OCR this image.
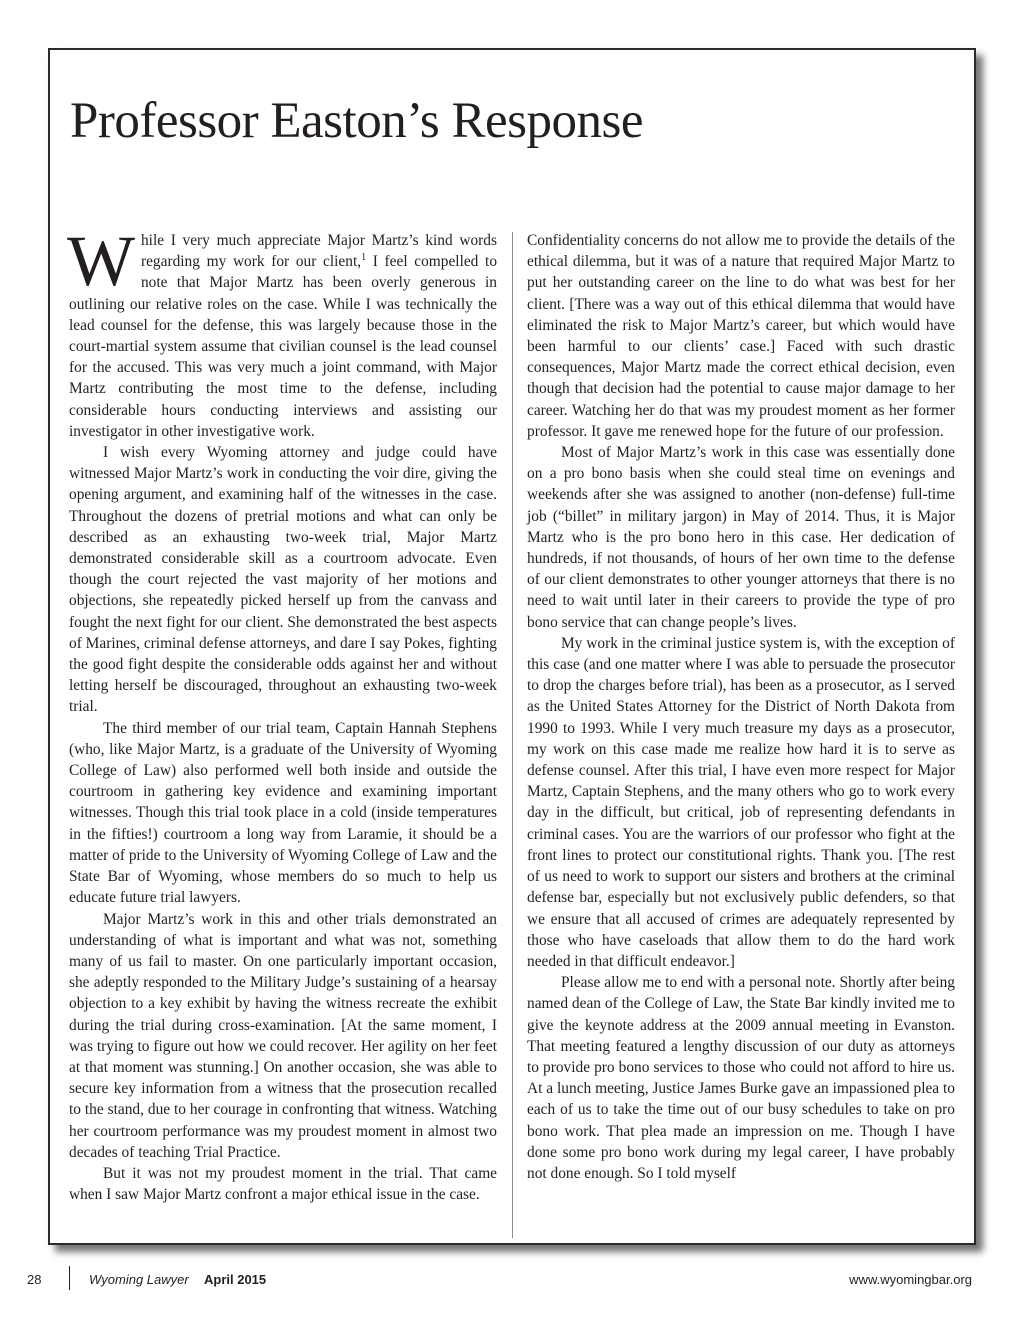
Professor Easton’s Response

While I very much appreciate Major Martz’s kind words regarding my work for our client,$^1$ I feel compelled to note that Major Martz has been overly generous in outlining our relative roles on the case. While I was technically the lead counsel for the defense, this was largely because those in the court-martial system assume that civilian counsel is the lead counsel for the accused. This was very much a joint command, with Major Martz contributing the most time to the defense, including considerable hours conducting interviews and assisting our investigator in other investigative work.

I wish every Wyoming attorney and judge could have witnessed Major Martz’s work in conducting the voir dire, giving the opening argument, and examining half of the witnesses in the case. Throughout the dozens of pretrial motions and what can only be described as an exhausting two-week trial, Major Martz demonstrated considerable skill as a courtroom advocate. Even though the court rejected the vast majority of her motions and objections, she repeatedly picked herself up from the canvass and fought the next fight for our client. She demonstrated the best aspects of Marines, criminal defense attorneys, and dare I say Pokes, fighting the good fight despite the considerable odds against her and without letting herself be discouraged, throughout an exhausting two-week trial.

The third member of our trial team, Captain Hannah Stephens (who, like Major Martz, is a graduate of the University of Wyoming College of Law) also performed well both inside and outside the courtroom in gathering key evidence and examining important witnesses. Though this trial took place in a cold (inside temperatures in the fifties!) courtroom a long way from Laramie, it should be a matter of pride to the University of Wyoming College of Law and the State Bar of Wyoming, whose members do so much to help us educate future trial lawyers.

Major Martz’s work in this and other trials demonstrated an understanding of what is important and what was not, something many of us fail to master. On one particularly important occasion, she adeptly responded to the Military Judge’s sustaining of a hearsay objection to a key exhibit by having the witness recreate the exhibit during the trial during cross-examination. [At the same moment, I was trying to figure out how we could recover. Her agility on her feet at that moment was stunning.] On another occasion, she was able to secure key information from a witness that the prosecution recalled to the stand, due to her courage in confronting that witness. Watching her courtroom performance was my proudest moment in almost two decades of teaching Trial Practice.

But it was not my proudest moment in the trial. That came when I saw Major Martz confront a major ethical issue in the case.

Confidentiality concerns do not allow me to provide the details of the ethical dilemma, but it was of a nature that required Major Martz to put her outstanding career on the line to do what was best for her client. [There was a way out of this ethical dilemma that would have eliminated the risk to Major Martz’s career, but which would have been harmful to our clients’ case.] Faced with such drastic consequences, Major Martz made the correct ethical decision, even though that decision had the potential to cause major damage to her career. Watching her do that was my proudest moment as her former professor. It gave me renewed hope for the future of our profession.

Most of Major Martz’s work in this case was essentially done on a pro bono basis when she could steal time on evenings and weekends after she was assigned to another (non-defense) full-time job (“billet” in military jargon) in May of 2014. Thus, it is Major Martz who is the pro bono hero in this case. Her dedication of hundreds, if not thousands, of hours of her own time to the defense of our client demonstrates to other younger attorneys that there is no need to wait until later in their careers to provide the type of pro bono service that can change people’s lives.

My work in the criminal justice system is, with the exception of this case (and one matter where I was able to persuade the prosecutor to drop the charges before trial), has been as a prosecutor, as I served as the United States Attorney for the District of North Dakota from 1990 to 1993. While I very much treasure my days as a prosecutor, my work on this case made me realize how hard it is to serve as defense counsel. After this trial, I have even more respect for Major Martz, Captain Stephens, and the many others who go to work every day in the difficult, but critical, job of representing defendants in criminal cases. You are the warriors of our professor who fight at the front lines to protect our constitutional rights. Thank you. [The rest of us need to work to support our sisters and brothers at the criminal defense bar, especially but not exclusively public defenders, so that we ensure that all accused of crimes are adequately represented by those who have caseloads that allow them to do the hard work needed in that difficult endeavor.]

Please allow me to end with a personal note. Shortly after being named dean of the College of Law, the State Bar kindly invited me to give the keynote address at the 2009 annual meeting in Evanston. That meeting featured a lengthy discussion of our duty as attorneys to provide pro bono services to those who could not afford to hire us. At a lunch meeting, Justice James Burke gave an impassioned plea to each of us to take the time out of our busy schedules to take on pro bono work. That plea made an impression on me. Though I have done some pro bono work during my legal career, I have probably not done enough. So I told myself

28	Wyoming Lawyer April 2015	www.wyomingbar.org
